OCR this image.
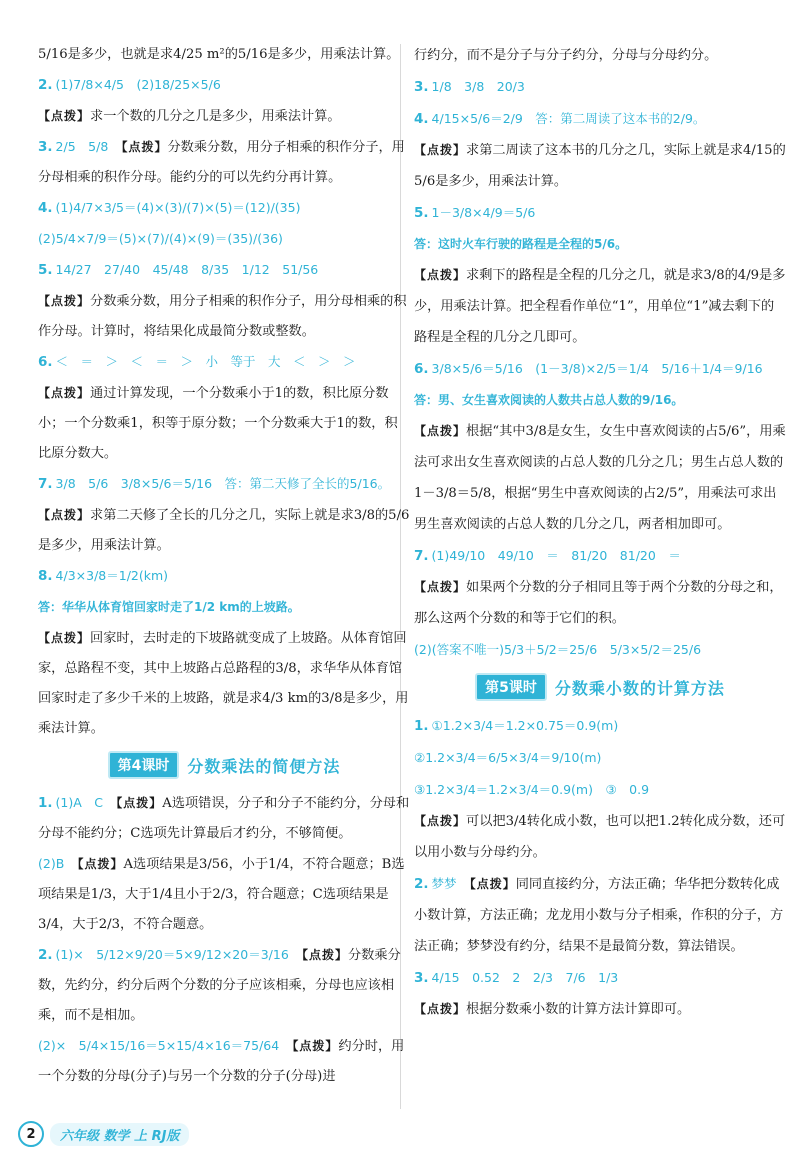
5/16是多少，也就是求4/25 m²的5/16是多少，用乘法计算。

2. (1)7/8×4/5　(2)18/25×5/6

【点拨】求一个数的几分之几是多少，用乘法计算。

3. 2/5　5/8　 【点拨】分数乘分数，用分子相乘的积作分子，用分母相乘的积作分母。能约分的可以先约分再计算。

4. (1)4/7×3/5＝(4)×(3)/(7)×(5)＝(12)/(35)

(2)5/4×7/9＝(5)×(7)/(4)×(9)＝(35)/(36)

5. 14/27　27/40　45/48　8/35　1/12　51/56

【点拨】分数乘分数，用分子相乘的积作分子，用分母相乘的积作分母。计算时，将结果化成最简分数或整数。

6. ＜　＝　＞　＜　＝　＞　小　等于　大　＜　＞　＞

【点拨】通过计算发现，一个分数乘小于1的数，积比原分数小；一个分数乘1，积等于原分数；一个分数乘大于1的数，积比原分数大。

7. 3/8　5/6　3/8×5/6＝5/16　答：第二天修了全长的5/16。

【点拨】求第二天修了全长的几分之几，实际上就是求3/8的5/6是多少，用乘法计算。

8. 4/3×3/8＝1/2(km)

答：华华从体育馆回家时走了1/2 km的上坡路。

【点拨】回家时，去时走的下坡路就变成了上坡路。从体育馆回家，总路程不变，其中上坡路占总路程的3/8，求华华从体育馆回家时走了多少千米的上坡路，就是求4/3 km的3/8是多少，用乘法计算。

第4课时	分数乘法的简便方法

1. (1)A　C　 【点拨】A选项错误，分子和分子不能约分，分母和分母不能约分；C选项先计算最后才约分，不够简便。

(2)B　 【点拨】A选项结果是3/56，小于1/4，不符合题意；B选项结果是1/3，大于1/4且小于2/3，符合题意；C选项结果是3/4，大于2/3，不符合题意。

2. (1)×　5/12×9/20＝5×9/12×20＝3/16　 【点拨】分数乘分数，先约分，约分后两个分数的分子应该相乘，分母也应该相乘，而不是相加。

(2)×　5/4×15/16＝5×15/4×16＝75/64　 【点拨】约分时，用一个分数的分母(分子)与另一个分数的分子(分母)进

行约分，而不是分子与分子约分，分母与分母约分。

3. 1/8　3/8　20/3

4. 4/15×5/6＝2/9　答：第二周读了这本书的2/9。

【点拨】求第二周读了这本书的几分之几，实际上就是求4/15的5/6是多少，用乘法计算。

5. 1－3/8×4/9＝5/6

答：这时火车行驶的路程是全程的5/6。

【点拨】求剩下的路程是全程的几分之几，就是求3/8的4/9是多少，用乘法计算。把全程看作单位“1”，用单位“1”减去剩下的路程是全程的几分之几即可。

6. 3/8×5/6＝5/16　(1－3/8)×2/5＝1/4　5/16＋1/4＝9/16

答：男、女生喜欢阅读的人数共占总人数的9/16。

【点拨】根据“其中3/8是女生，女生中喜欢阅读的占5/6”，用乘法可求出女生喜欢阅读的占总人数的几分之几；男生占总人数的1－3/8＝5/8，根据“男生中喜欢阅读的占2/5”，用乘法可求出男生喜欢阅读的占总人数的几分之几，两者相加即可。

7. (1)49/10　49/10　＝　81/20　81/20　＝

【点拨】如果两个分数的分子相同且等于两个分数的分母之和，那么这两个分数的和等于它们的积。

(2)(答案不唯一)5/3＋5/2＝25/6　5/3×5/2＝25/6

第5课时	分数乘小数的计算方法

1. ①1.2×3/4＝1.2×0.75＝0.9(m)

②1.2×3/4＝6/5×3/4＝9/10(m)

③1.2×3/4＝1.2×3/4＝0.9(m)　③　0.9

【点拨】可以把3/4转化成小数，也可以把1.2转化成分数，还可以用小数与分母约分。

2. 梦梦　 【点拨】同同直接约分，方法正确；华华把分数转化成小数计算，方法正确；龙龙用小数与分子相乘，作积的分子，方法正确；梦梦没有约分，结果不是最简分数，算法错误。

3. 4/15　0.52　2　2/3　7/6　1/3

【点拨】根据分数乘小数的计算方法计算即可。

2	六年级 数学 上 RJ版
